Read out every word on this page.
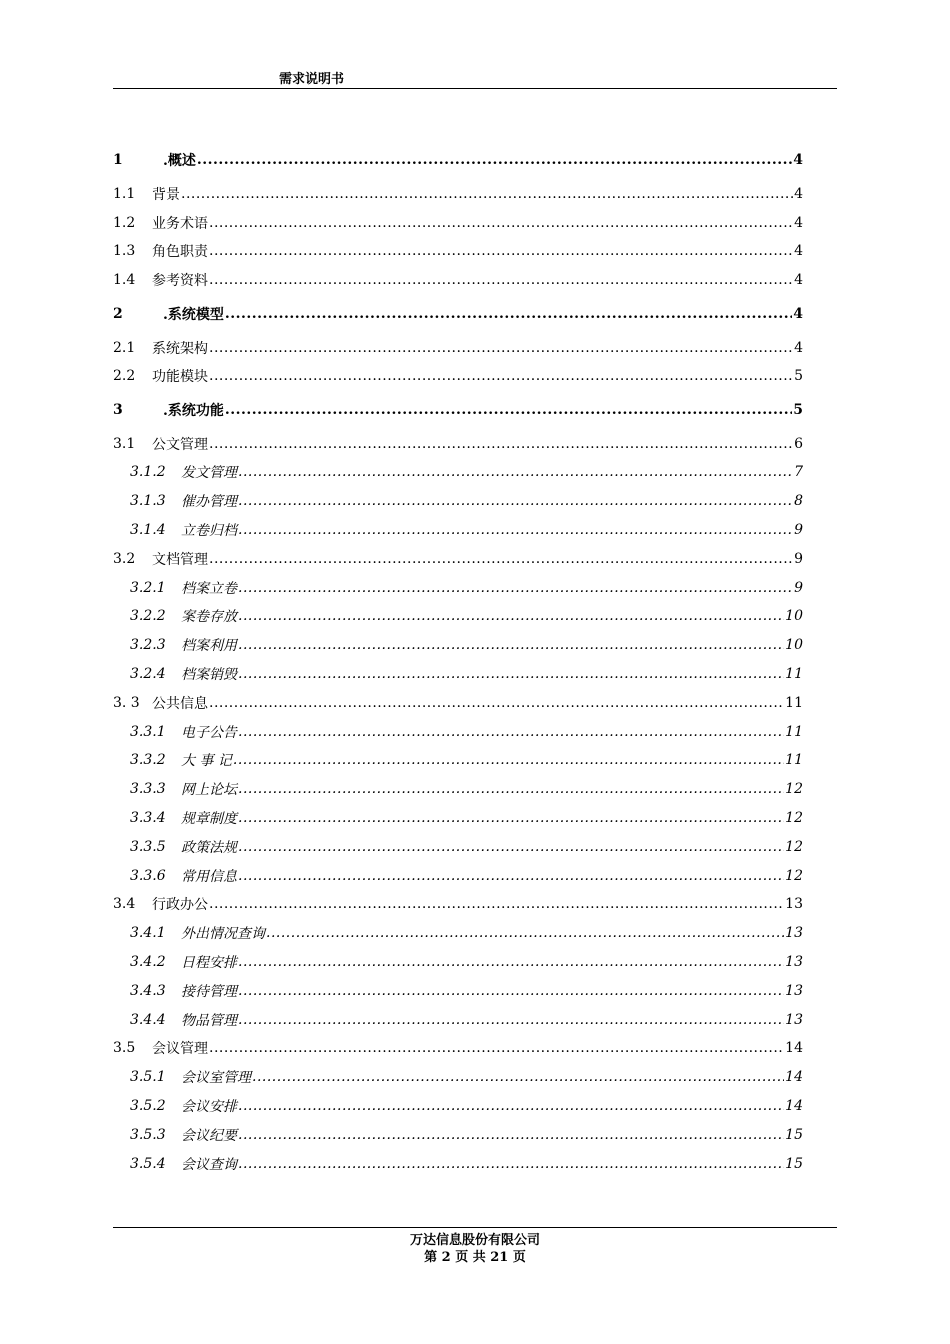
需求说明书
1	.概述 .....	4
1.1	背景 .....	4
1.2	业务术语 .....	4
1.3	角色职责 .....	4
1.4	参考资料 .....	4
2	.系统模型 .....	4
2.1	系统架构 .....	4
2.2	功能模块 .....	5
3	.系统功能 .....	5
3.1	公文管理 .....	6
3.1.2	发文管理 .....	7
3.1.3	催办管理 .....	8
3.1.4	立卷归档 .....	9
3.2	文档管理 .....	9
3.2.1	档案立卷 .....	9
3.2.2	案卷存放 .....	10
3.2.3	档案利用 .....	10
3.2.4	档案销毁 .....	11
3. 3 公共信息 .....	11
3.3.1	电子公告 .....	11
3.3.2	大 事 记 .....	11
3.3.3	网上论坛 .....	12
3.3.4	规章制度 .....	12
3.3.5	政策法规 .....	12
3.3.6	常用信息 .....	12
3.4	行政办公 .....	13
3.4.1	外出情况查询 .....	13
3.4.2	日程安排 .....	13
3.4.3	接待管理 .....	13
3.4.4	物品管理 .....	13
3.5	会议管理 .....	14
3.5.1	会议室管理 .....	14
3.5.2	会议安排 .....	14
3.5.3	会议纪要 .....	15
3.5.4	会议查询 .....	15
万达信息股份有限公司
第 2 页 共 21 页
